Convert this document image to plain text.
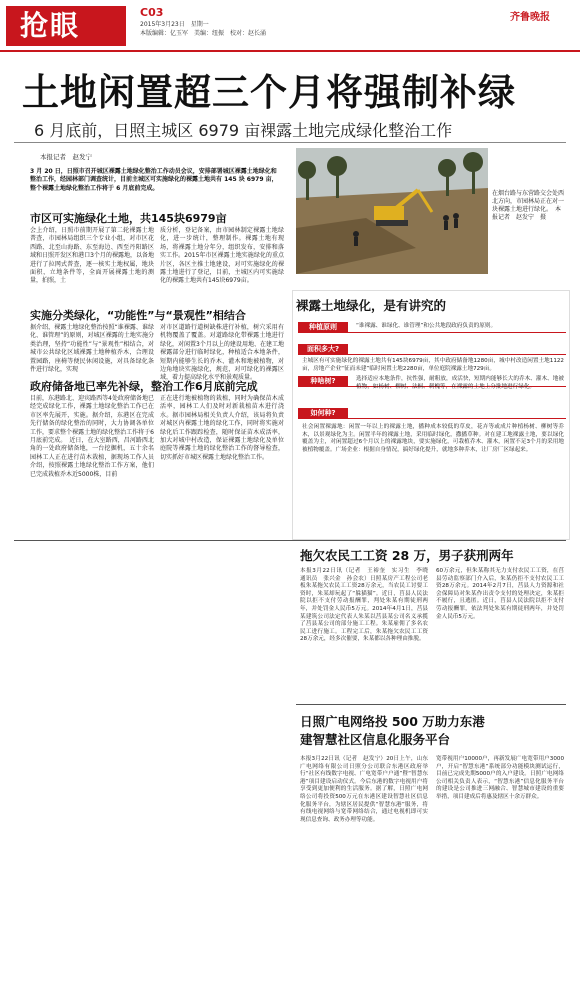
抢眼	C03
2015年3月23日　星期一
本版编辑：亿玉军　美编：纽振　校对：赵长涌
齐鲁晚报
土地闲置超三个月将强制补绿
6 月底前，日照主城区 6979 亩裸露土地完成绿化整治工作
本报记者　赵发宁
3 月 20 日，日照市召开城区裸露土地绿化整治工作动员会议，安排部署城区裸露土地绿化和整治工作，经园林部门调查统计，目前主城区可实施绿化的裸露土地共有 145 块 6979 亩，整个裸露土地绿化整治工作将于 6 月底前完成。
市区可实施绿化土地，共145块6979亩
会上介绍，日照市前期开展了第二轮裸露土地普查，市园林局组织三个专业小组，对市区花西路、北至山海路、东至海边、西至丹阳路区域和日照开发区和港口3个月的裸露地，以备地进行了拉网式普查，逐一核实土地权属，地块面积，立地条件等，全面开展裸露土地的测量，拍照，土
质分析，登记备案，由市园林制定裸露土地绿化，进一步统计，整理制作。裸露土地有现场，将裸露土地分年分，组织发布，安排和落实工作。2015年市区裸露土地实施绿化的重点片区，各区主推土地建设，对可实施绿化的裸露土地进行了登记，目前，主城区内可实施绿化的裸露土地共有145块6979亩。
实施分类绿化，“功能性”与“景观性”相结合
据介绍，裸露土地绿化整治按照“谁裸露、谁绿化、谁管理”的原则，对城区裸露的土地实施分类治理，坚持“功能性”与“景观性”相结合，对城市公共绿化区域裸露土地种植乔木，合理设置园路，座椅等便民休闲设施，对具备绿化条件进行绿化，实现
对市区道路行道树缺株进行补植，树穴采用有机物覆盖了覆盖。对道路绿化带裸露土地进行绿化，对闲置3个月以上的建设用地、在建工地裸露部分进行临时绿化，种植适合本地条件，短期内能够生长的乔木、灌木和地被植物，对边角地块实施绿化，规范，对可绿化的裸露区域，着力提高绿化水平和景观质量。
政府储备地已率先补绿，整治工作6月底前完成
目前，东港路北、迎宾路西等4处政府储备地已经完成绿化工作，裸露土地绿化整治工作已在市区率先展开，实施。据介绍，东港区在完成先行储备的绿化整治的同时，大力协调各单位工作，要求整个裸露土地的绿化整治工作将于6月底前完成。　近日，在大室路西，昌河路西北角的一处政府储备地，一台挖掘机，五十余名园林工人正在进行苗木栽植，据现场工作人员介绍，按照裸露土地绿化整治工作方案，他们已完成栽植乔木近5000株，目前
正在进行地被植物的栽植，同时为确保苗木成活率，园林工人们及时对新栽植苗木进行浇水。据市园林局相关负责人介绍，该局将负责对城区内裸露土地的绿化工作，同时将实施对绿化后工作跟踪检查，随时保证苗木成活率，加大对城中村改造，保证裸露土地绿化及单位庭院等裸露土地的绿化整治工作的督导检查，切实抓好市城区裸露土地绿化整治工作。
在烟台路与东营路交会处西北方向，市园林局正在对一块裸露土地进行绿化。　本报记者　赵发宁　摄
裸露土地绿化，是有讲究的
种植原则	“谁裸露、谁绿化、谁管理”和公共地段政府负责的原则。
面积多大?
主城区有可实施绿化的裸露土地共有145块6979亩，其中政府储备地1280亩，城中村改造闲置土地1122亩，房地产企业“征而未建”临时闲置土地2280亩，单位庭院裸露土地729亩。
种啥树?	选择适应本地条件，抗性强，耐粗放，成活快，短期内能够长大的乔木、灌木、地被植物，如杨树、柳树、法桐、刺槐等，在裸露的土地上分批地进行绿化。
如何种?
社会闲置裸露地：闲置一年以上的裸露土地，播种成本较低的草皮，花卉等或成片种植杨树、柳树等乔木，以景观绿化为主。闲置半年的裸露土地，采用临时绿化，撒播草种。对在建工地裸露土地，要以绿化覆盖为主，对闲置超过6个月以上的裸露地块，要实施绿化，可栽植乔木、灌木，闲置不足3个月的采用地被植物覆盖。广场企业：根据自身情况，搞好绿化提升，就地多种乔木，让厂房厂区绿起来。
拖欠农民工工资 28 万，男子获刑两年
本报3月22日讯（记者　王裕奎　实习生　李晓　通讯员　张兴金　孙会农）日照某房产工程公司老板朱某拖欠农民工工资28万余元，当农民工讨要工资时，朱某却玩起了“躲猫猫”。近日，莒县人民法院以拒不支付劳动报酬罪，判处朱某有期徒刑两年，并处罚金人民币5万元。2014年4月1日，莒县某建筑公司法定代表人朱某以莒县某公司名义承揽了莒县某公司的部分施工工程。朱某雇佣了多名农民工进行施工。工程完工后，朱某拖欠农民工工资28万余元，经多次催要，朱某都以各种理由推脱。
60万余元，但朱某称其无力支付农民工工资，在莒县劳动监察部门介入后，朱某仍拒不支付农民工工资28万余元。2014年2月7日，莒县人力资源和社会保障局对朱某作出责令支付的处理决定，朱某拒不履行，且逃匿。近日，莒县人民法院以拒不支付劳动报酬罪，依法判处朱某有期徒刑两年，并处罚金人民币5万元。
日照广电网络投 500 万助力东港
建智慧社区信息化服务平台
本报3月22日讯（记者　赵发宁）20日上午，山东广电网络有限公司日照分公司联合东港区政府举行“社区有线数字电视、广电宽带户户通”暨“智慧东港”项目建设启动仪式。今后东港的数字电视用户将享受到更加便利的生活服务。据了解，日照广电网络公司将投资500万元在东港区建设智慧社区信息化服务平台，为辖区居民提供“智慧东港”服务，将有线电视网络与宽带网络结合，通过电视机即可实现信息查询、政务办理等功能。
宽带视用户10000户，再新发展广电宽带用户3000户，开启“智慧东港”系统部分功能模块测试运行，目前已完成先期5000户的入户建设。日照广电网络公司相关负责人表示，“智慧东港”信息化服务平台的建设是公司推进三网融合、智慧城市建设的重要举措，项目建成后将惠及辖区十余万群众。
